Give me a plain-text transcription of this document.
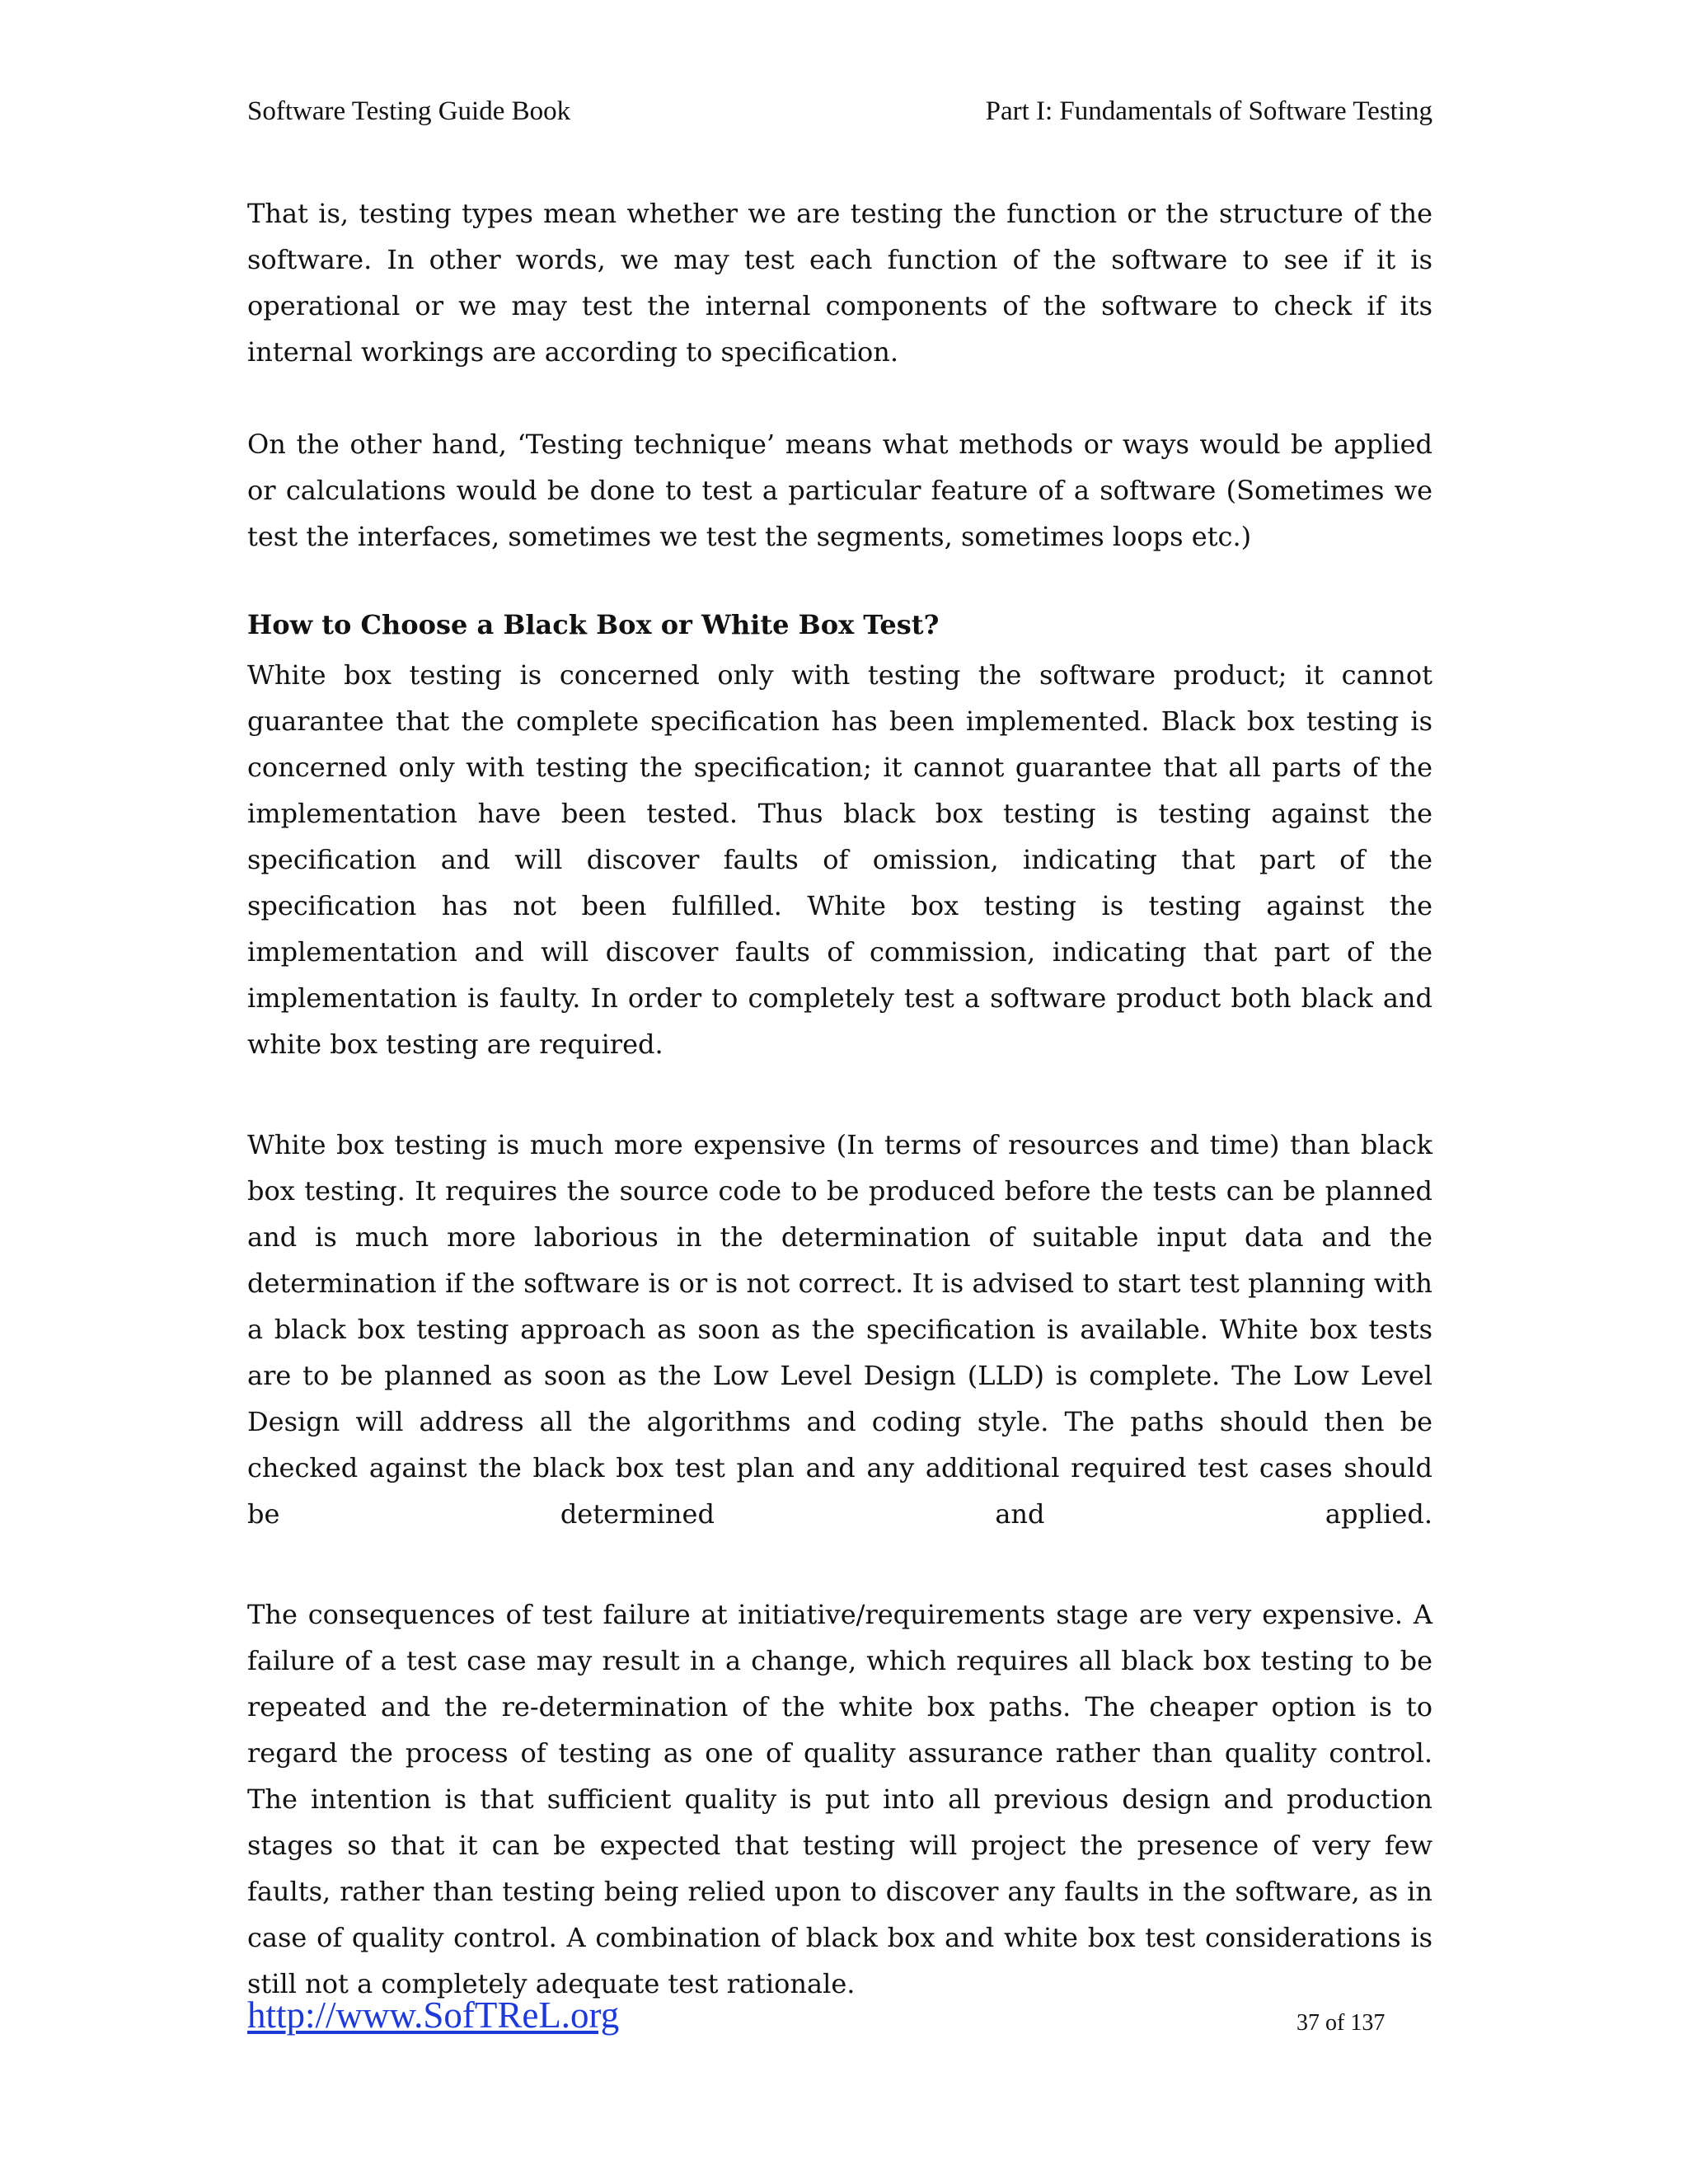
Software Testing Guide Book	Part I: Fundamentals of Software Testing

That is, testing types mean whether we are testing the function or the structure of the software. In other words, we may test each function of the software to see if it is operational or we may test the internal components of the software to check if its internal workings are according to specification.

On the other hand, ‘Testing technique’ means what methods or ways would be applied or calculations would be done to test a particular feature of a software (Sometimes we test the interfaces, sometimes we test the segments, sometimes loops etc.)

How to Choose a Black Box or White Box Test?

White box testing is concerned only with testing the software product; it cannot guarantee that the complete specification has been implemented. Black box testing is concerned only with testing the specification; it cannot guarantee that all parts of the implementation have been tested. Thus black box testing is testing against the specification and will discover faults of omission, indicating that part of the specification has not been fulfilled. White box testing is testing against the implementation and will discover faults of commission, indicating that part of the implementation is faulty. In order to completely test a software product both black and white box testing are required.

White box testing is much more expensive (In terms of resources and time) than black box testing. It requires the source code to be produced before the tests can be planned and is much more laborious in the determination of suitable input data and the determination if the software is or is not correct. It is advised to start test planning with a black box testing approach as soon as the specification is available. White box tests are to be planned as soon as the Low Level Design (LLD) is complete. The Low Level Design will address all the algorithms and coding style. The paths should then be checked against the black box test plan and any additional required test cases should be determined and applied.

The consequences of test failure at initiative/requirements stage are very expensive. A failure of a test case may result in a change, which requires all black box testing to be repeated and the re-determination of the white box paths. The cheaper option is to regard the process of testing as one of quality assurance rather than quality control. The intention is that sufficient quality is put into all previous design and production stages so that it can be expected that testing will project the presence of very few faults, rather than testing being relied upon to discover any faults in the software, as in case of quality control. A combination of black box and white box test considerations is still not a completely adequate test rationale.

http://www.SofTReL.org	37 of 137
